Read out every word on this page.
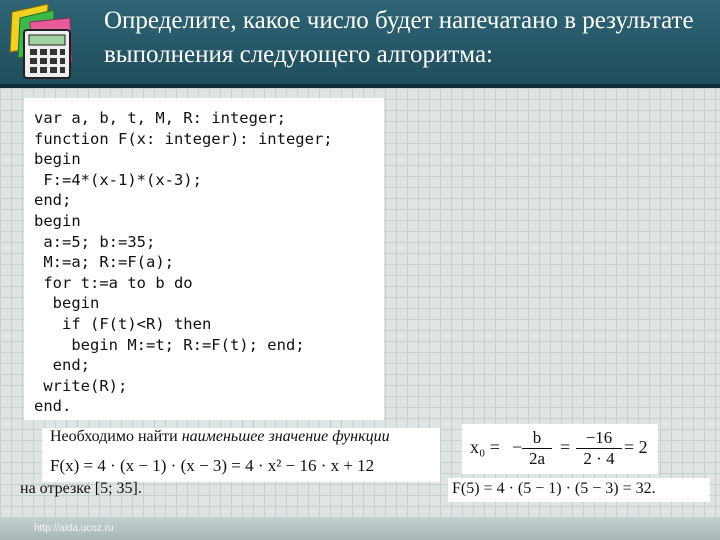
Определите, какое число будет напечатано в результате выполнения следующего алгоритма:
var a, b, t, M, R: integer;
function F(x: integer): integer;
begin
F:=4*(x-1)*(x-3);
end;
begin
a:=5; b:=35;
M:=a; R:=F(a);
for t:=a to b do
begin
if (F(t)<R) then
begin M:=t; R:=F(t); end;
end;
write(R);
end.
Необходимо найти наименьшее значение функции
F(x) = 4 · (x − 1) · (x − 3) = 4 · x² − 16 · x + 12
на отрезке [5; 35].
x₀ = − $\frac{b}{2a} = \frac{-16}{2 \cdot 4} = 2$
F(5) = 4 · (5 − 1) · (5 − 3) = 32.
http://aida.ucoz.ru
